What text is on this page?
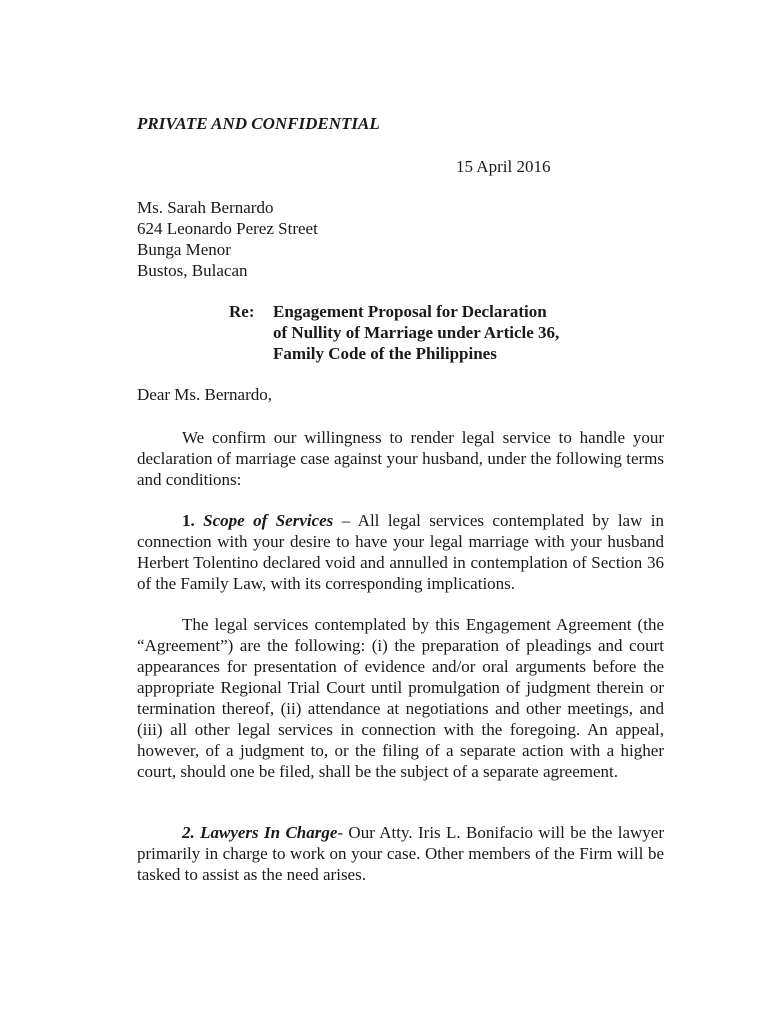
PRIVATE AND CONFIDENTIAL
15 April 2016
Ms. Sarah Bernardo
624 Leonardo Perez Street
Bunga Menor
Bustos, Bulacan
Re: Engagement Proposal for Declaration
of Nullity of Marriage under Article 36,
Family Code of the Philippines
Dear Ms. Bernardo,
We confirm our willingness to render legal service to handle your declaration of marriage case against your husband, under the following terms and conditions:
1. Scope of Services – All legal services contemplated by law in connection with your desire to have your legal marriage with your husband Herbert Tolentino declared void and annulled in contemplation of Section 36 of the Family Law, with its corresponding implications.
The legal services contemplated by this Engagement Agreement (the “Agreement”) are the following: (i) the preparation of pleadings and court appearances for presentation of evidence and/or oral arguments before the appropriate Regional Trial Court until promulgation of judgment therein or termination thereof, (ii) attendance at negotiations and other meetings, and (iii) all other legal services in connection with the foregoing. An appeal, however, of a judgment to, or the filing of a separate action with a higher court, should one be filed, shall be the subject of a separate agreement.
2. Lawyers In Charge- Our Atty. Iris L. Bonifacio will be the lawyer primarily in charge to work on your case. Other members of the Firm will be tasked to assist as the need arises.
